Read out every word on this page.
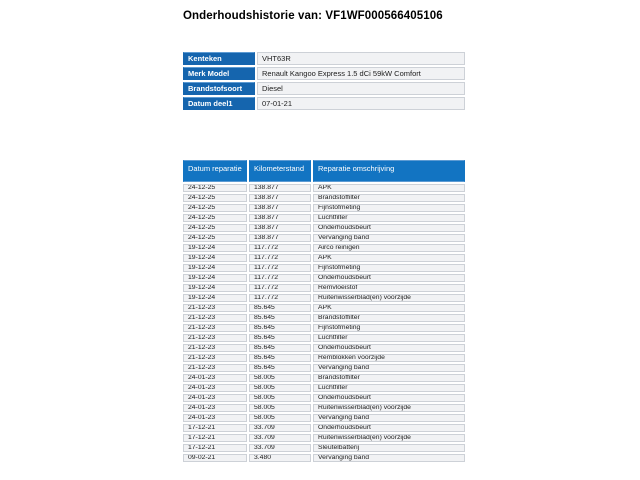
Onderhoudshistorie van: VF1WF000566405106
Kenteken	VHT63R
Merk Model	Renault Kangoo Express 1.5 dCi 59kW Comfort
Brandstofsoort	Diesel
Datum deel1	07-01-21
Datum reparatie	Kilometerstand	Reparatie omschrijving
24-12-25	138.877	APK
24-12-25	138.877	Brandstoffilter
24-12-25	138.877	Fijnstofmeting
24-12-25	138.877	Luchtfilter
24-12-25	138.877	Onderhoudsbeurt
24-12-25	138.877	Vervanging band
19-12-24	117.772	Airco reinigen
19-12-24	117.772	APK
19-12-24	117.772	Fijnstofmeting
19-12-24	117.772	Onderhoudsbeurt
19-12-24	117.772	Remvloeistof
19-12-24	117.772	Ruitenwisserblad(en) voorzijde
21-12-23	85.645	APK
21-12-23	85.645	Brandstoffilter
21-12-23	85.645	Fijnstofmeting
21-12-23	85.645	Luchtfilter
21-12-23	85.645	Onderhoudsbeurt
21-12-23	85.645	Remblokken voorzijde
21-12-23	85.645	Vervanging band
24-01-23	58.005	Brandstoffilter
24-01-23	58.005	Luchtfilter
24-01-23	58.005	Onderhoudsbeurt
24-01-23	58.005	Ruitenwisserblad(en) voorzijde
24-01-23	58.005	Vervanging band
17-12-21	33.709	Onderhoudsbeurt
17-12-21	33.709	Ruitenwisserblad(en) voorzijde
17-12-21	33.709	Sleutelbatterij
09-02-21	3.480	Vervanging band
